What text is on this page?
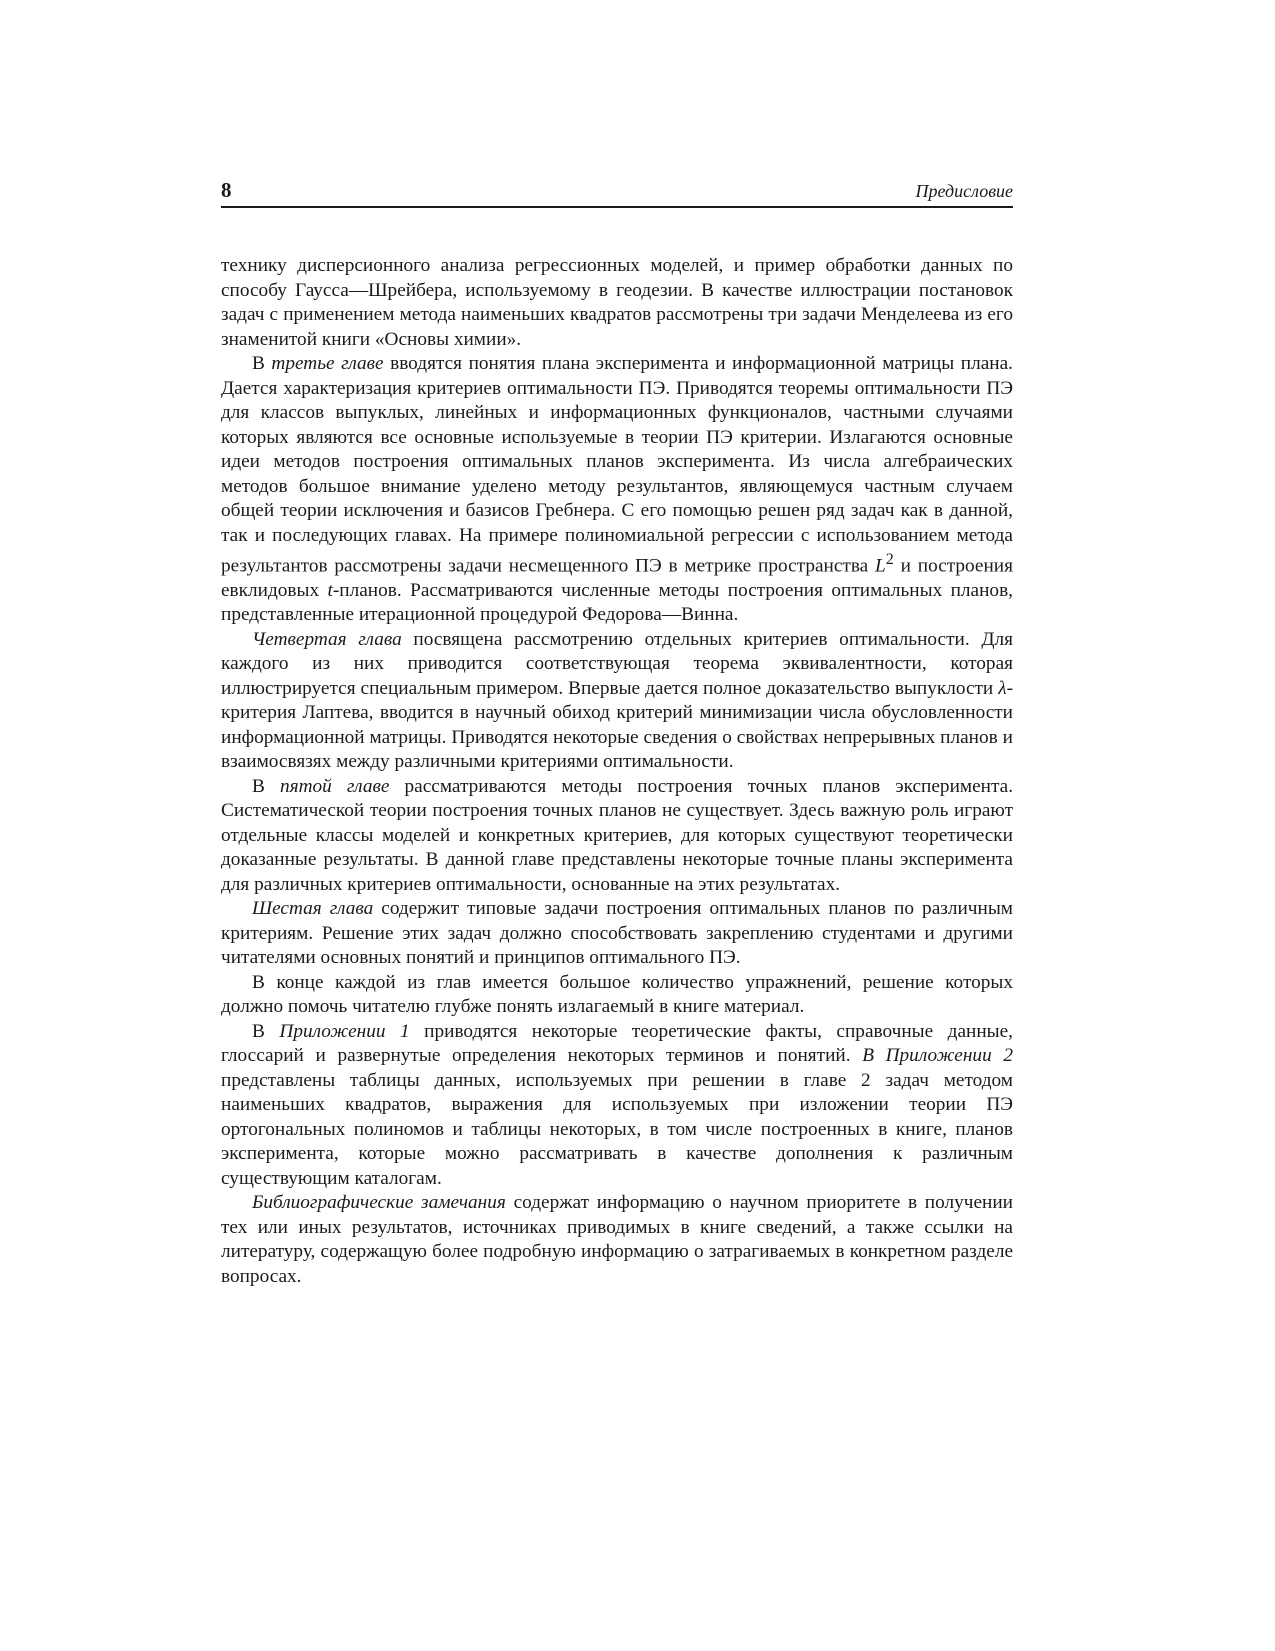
8	Предисловие

технику дисперсионного анализа регрессионных моделей, и пример обработки данных по способу Гаусса—Шрейбера, используемому в геодезии. В качестве иллюстрации постановок задач с применением метода наименьших квадратов рассмотрены три задачи Менделеева из его знаменитой книги «Основы химии».

В третье главе вводятся понятия плана эксперимента и информационной матрицы плана. Дается характеризация критериев оптимальности ПЭ. Приводятся теоремы оптимальности ПЭ для классов выпуклых, линейных и информационных функционалов, частными случаями которых являются все основные используемые в теории ПЭ критерии. Излагаются основные идеи методов построения оптимальных планов эксперимента. Из числа алгебраических методов большое внимание уделено методу результантов, являющемуся частным случаем общей теории исключения и базисов Гребнера. С его помощью решен ряд задач как в данной, так и последующих главах. На примере полиномиальной регрессии с использованием метода результантов рассмотрены задачи несмещенного ПЭ в метрике пространства $L^2$ и построения евклидовых t-планов. Рассматриваются численные методы построения оптимальных планов, представленные итерационной процедурой Федорова—Винна.

Четвертая глава посвящена рассмотрению отдельных критериев оптимальности. Для каждого из них приводится соответствующая теорема эквивалентности, которая иллюстрируется специальным примером. Впервые дается полное доказательство выпуклости λ-критерия Лаптева, вводится в научный обиход критерий минимизации числа обусловленности информационной матрицы. Приводятся некоторые сведения о свойствах непрерывных планов и взаимосвязях между различными критериями оптимальности.

В пятой главе рассматриваются методы построения точных планов эксперимента. Систематической теории построения точных планов не существует. Здесь важную роль играют отдельные классы моделей и конкретных критериев, для которых существуют теоретически доказанные результаты. В данной главе представлены некоторые точные планы эксперимента для различных критериев оптимальности, основанные на этих результатах.

Шестая глава содержит типовые задачи построения оптимальных планов по различным критериям. Решение этих задач должно способствовать закреплению студентами и другими читателями основных понятий и принципов оптимального ПЭ.

В конце каждой из глав имеется большое количество упражнений, решение которых должно помочь читателю глубже понять излагаемый в книге материал.

В Приложении 1 приводятся некоторые теоретические факты, справочные данные, глоссарий и развернутые определения некоторых терминов и понятий. В Приложении 2 представлены таблицы данных, используемых при решении в главе 2 задач методом наименьших квадратов, выражения для используемых при изложении теории ПЭ ортогональных полиномов и таблицы некоторых, в том числе построенных в книге, планов эксперимента, которые можно рассматривать в качестве дополнения к различным существующим каталогам.

Библиографические замечания содержат информацию о научном приоритете в получении тех или иных результатов, источниках приводимых в книге сведений, а также ссылки на литературу, содержащую более подробную информацию о затрагиваемых в конкретном разделе вопросах.
